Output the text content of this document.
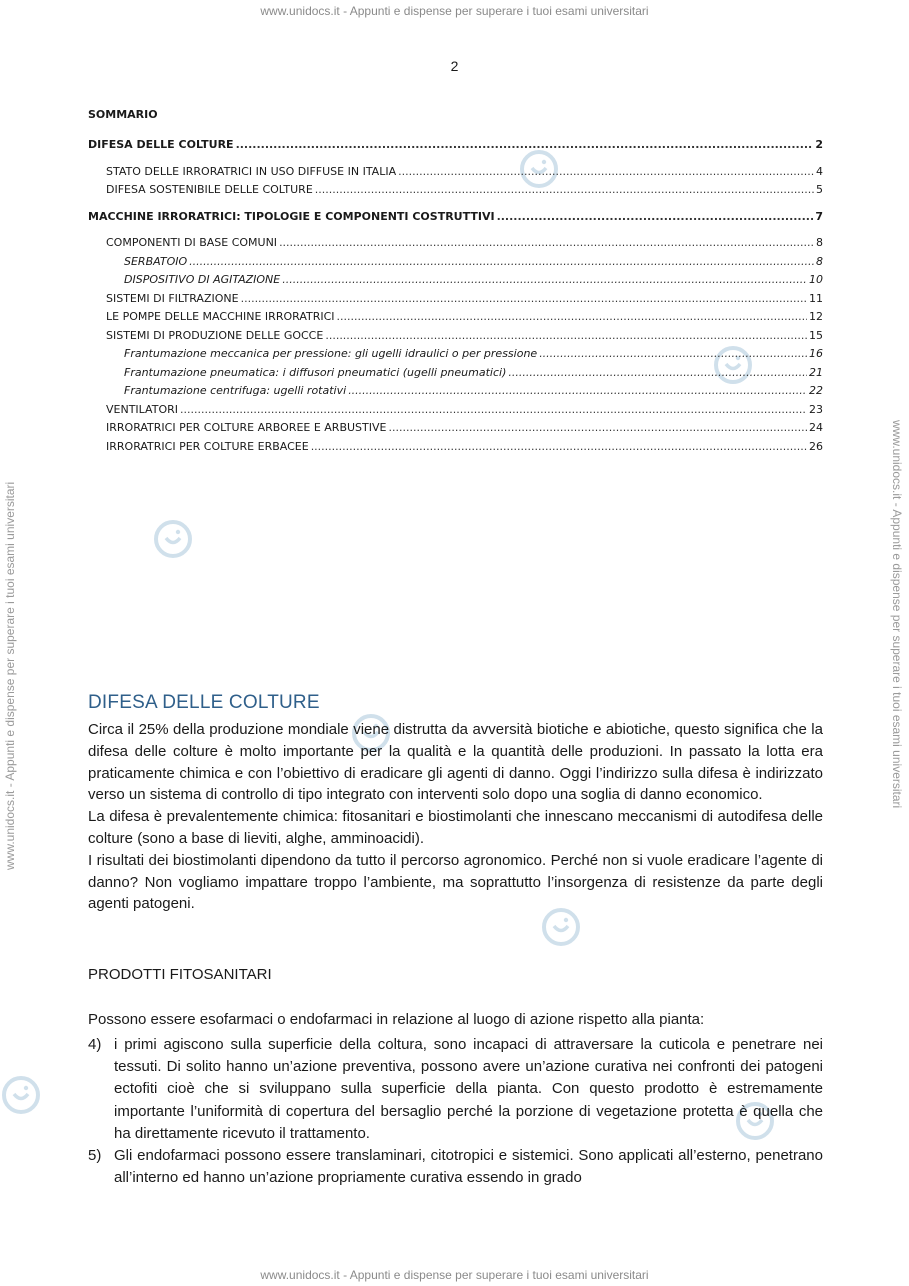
www.unidocs.it - Appunti e dispense per superare i tuoi esami universitari
www.unidocs.it - Appunti e dispense per superare i tuoi esami universitari
www.unidocs.it - Appunti e dispense per superare i tuoi esami universitari	www.unidocs.it - Appunti e dispense per superare i tuoi esami universitari
2
SOMMARIO
DIFESA DELLE COLTURE .....	2
STATO DELLE IRRORATRICI IN USO DIFFUSE IN ITALIA .....	4
DIFESA SOSTENIBILE DELLE COLTURE .....	5
MACCHINE IRRORATRICI: TIPOLOGIE E COMPONENTI COSTRUTTIVI .....	7
COMPONENTI DI BASE COMUNI .....	8
SERBATOIO .....	8
DISPOSITIVO DI AGITAZIONE .....	10
SISTEMI DI FILTRAZIONE .....	11
LE POMPE DELLE MACCHINE IRRORATRICI .....	12
SISTEMI DI PRODUZIONE DELLE GOCCE .....	15
Frantumazione meccanica per pressione: gli ugelli idraulici o per pressione .....	16
Frantumazione pneumatica: i diffusori pneumatici (ugelli pneumatici) .....	21
Frantumazione centrifuga: ugelli rotativi .....	22
VENTILATORI .....	23
IRRORATRICI PER COLTURE ARBOREE E ARBUSTIVE .....	24
IRRORATRICI PER COLTURE ERBACEE .....	26
DIFESA DELLE COLTURE

Circa il 25% della produzione mondiale viene distrutta da avversità biotiche e abiotiche, questo significa che la difesa delle colture è molto importante per la qualità e la quantità delle produzioni. In passato la lotta era praticamente chimica e con l’obiettivo di eradicare gli agenti di danno. Oggi l’indirizzo sulla difesa è indirizzato verso un sistema di controllo di tipo integrato con interventi solo dopo una soglia di danno economico.

La difesa è prevalentemente chimica: fitosanitari e biostimolanti che innescano meccanismi di autodifesa delle colture (sono a base di lieviti, alghe, amminoacidi).

I risultati dei biostimolanti dipendono da tutto il percorso agronomico. Perché non si vuole eradicare l’agente di danno? Non vogliamo impattare troppo l’ambiente, ma soprattutto l’insorgenza di resistenze da parte degli agenti patogeni.

PRODOTTI FITOSANITARI
Possono essere esofarmaci o endofarmaci in relazione al luogo di azione rispetto alla pianta:
4) i primi agiscono sulla superficie della coltura, sono incapaci di attraversare la cuticola e penetrare nei tessuti. Di solito hanno un’azione preventiva, possono avere un’azione curativa nei confronti dei patogeni ectofiti cioè che si sviluppano sulla superficie della pianta. Con questo prodotto è estremamente importante l’uniformità di copertura del bersaglio perché la porzione di vegetazione protetta è quella che ha direttamente ricevuto il trattamento.
5) Gli endofarmaci possono essere translaminari, citotropici e sistemici. Sono applicati all’esterno, penetrano all’interno ed hanno un’azione propriamente curativa essendo in grado
